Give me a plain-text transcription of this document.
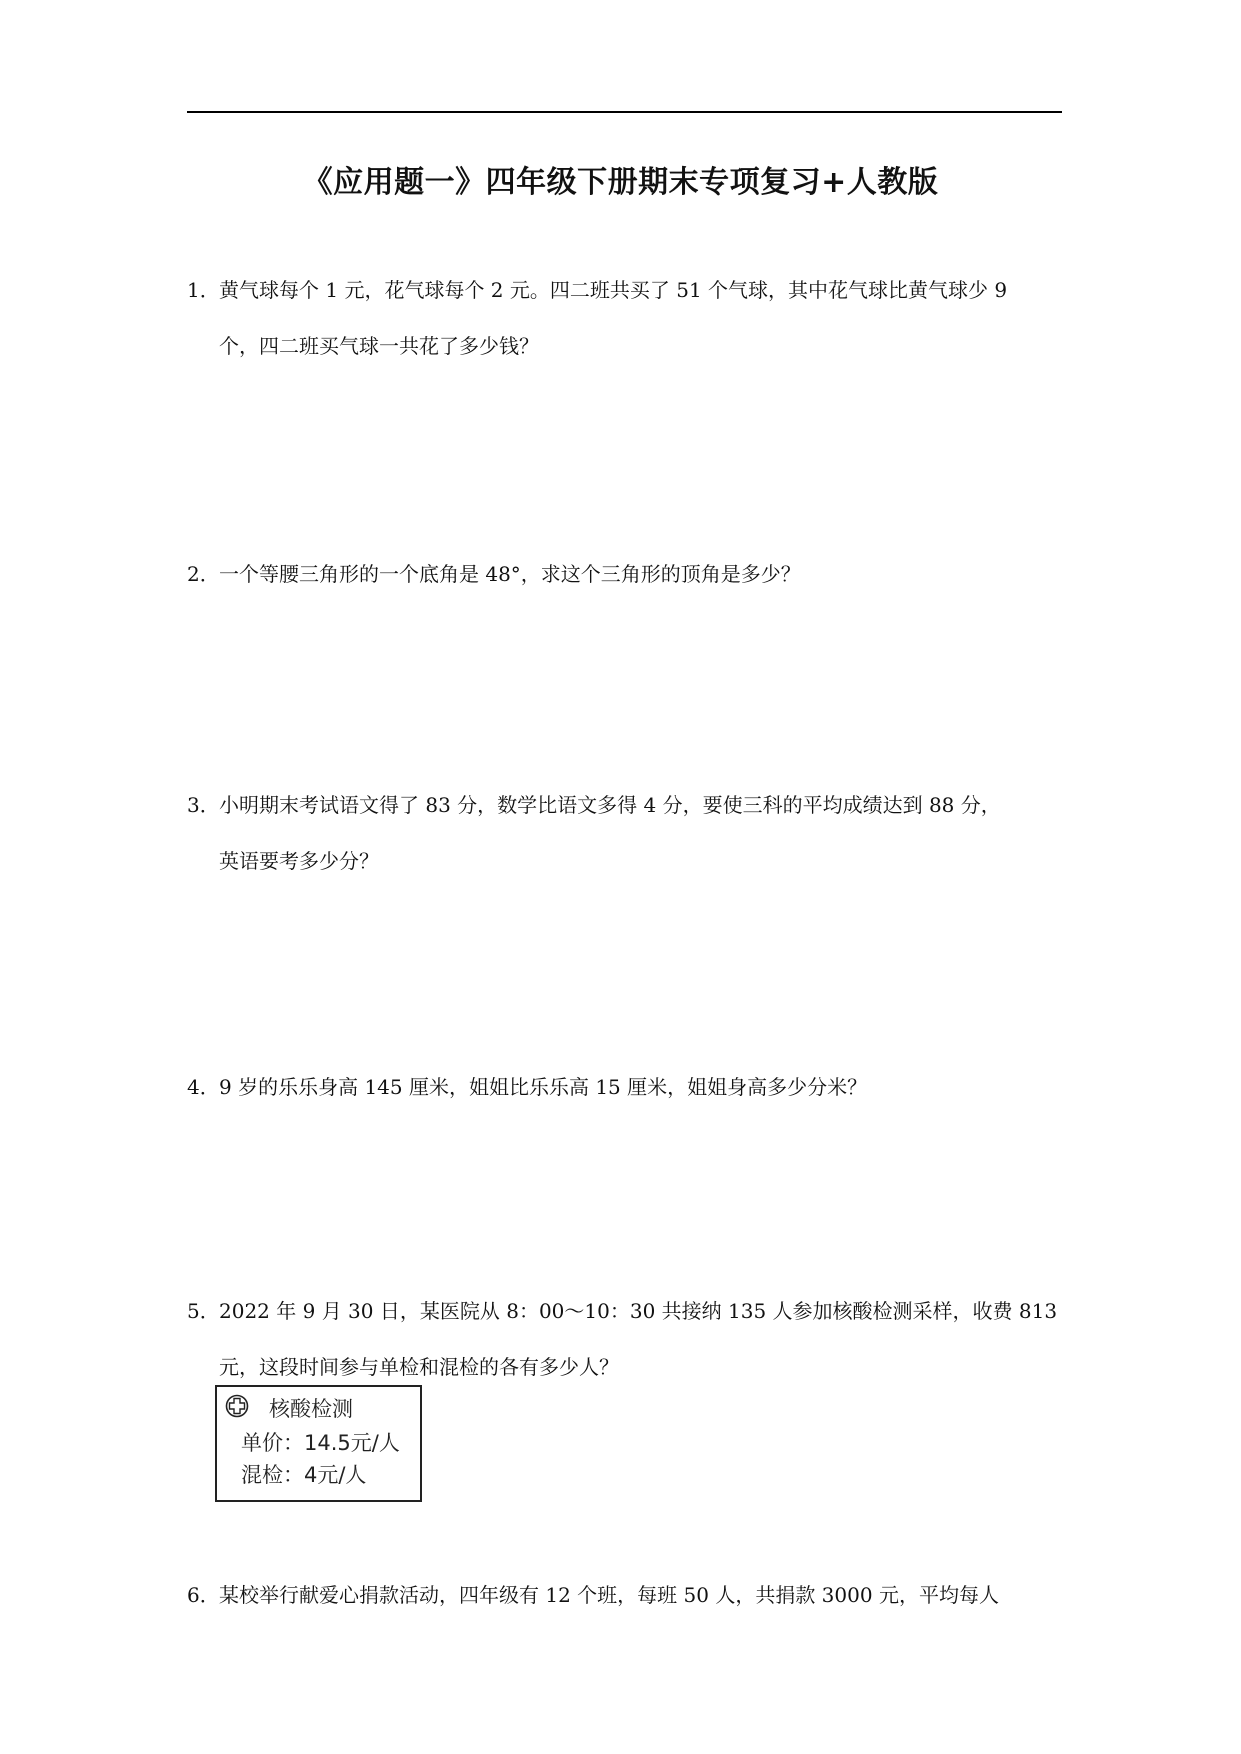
《应用题一》四年级下册期末专项复习+人教版
1．黄气球每个 1 元，花气球每个 2 元。四二班共买了 51 个气球，其中花气球比黄气球少 9
个，四二班买气球一共花了多少钱？
2．一个等腰三角形的一个底角是 48°，求这个三角形的顶角是多少？
3．小明期末考试语文得了 83 分，数学比语文多得 4 分，要使三科的平均成绩达到 88 分，
英语要考多少分？
4．9 岁的乐乐身高 145 厘米，姐姐比乐乐高 15 厘米，姐姐身高多少分米？
5．2022 年 9 月 30 日，某医院从 8：00～10：30 共接纳 135 人参加核酸检测采样，收费 813
元，这段时间参与单检和混检的各有多少人？
核酸检测
单价：14.5元/人
混检：4元/人
6．某校举行献爱心捐款活动，四年级有 12 个班，每班 50 人，共捐款 3000 元，平均每人
